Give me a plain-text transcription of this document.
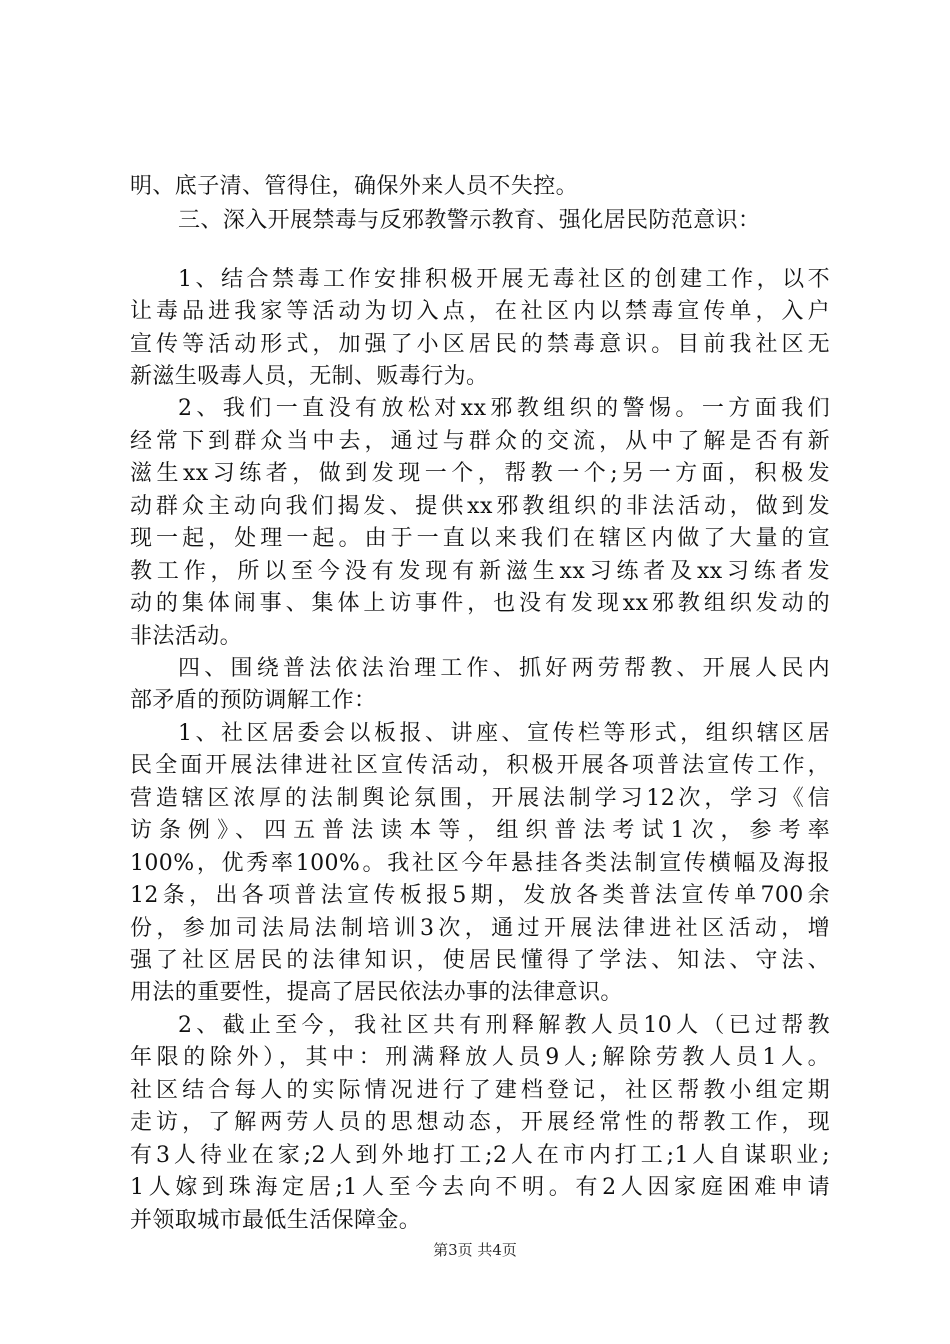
明、底子清、管得住，确保外来人员不失控。
三、深入开展禁毒与反邪教警示教育、强化居民防范意识：
1、结合禁毒工作安排积极开展无毒社区的创建工作，以不
让毒品进我家等活动为切入点，在社区内以禁毒宣传单，入户
宣传等活动形式，加强了小区居民的禁毒意识。目前我社区无
新滋生吸毒人员，无制、贩毒行为。
2、我们一直没有放松对xx邪教组织的警惕。一方面我们
经常下到群众当中去，通过与群众的交流，从中了解是否有新
滋生xx习练者，做到发现一个，帮教一个;另一方面，积极发
动群众主动向我们揭发、提供xx邪教组织的非法活动，做到发
现一起，处理一起。由于一直以来我们在辖区内做了大量的宣
教工作，所以至今没有发现有新滋生xx习练者及xx习练者发
动的集体闹事、集体上访事件，也没有发现xx邪教组织发动的
非法活动。
四、围绕普法依法治理工作、抓好两劳帮教、开展人民内
部矛盾的预防调解工作：
1、社区居委会以板报、讲座、宣传栏等形式，组织辖区居
民全面开展法律进社区宣传活动，积极开展各项普法宣传工作，
营造辖区浓厚的法制舆论氛围，开展法制学习12次，学习《信
访条例》、四五普法读本等，组织普法考试1次，参考率
100%，优秀率100%。我社区今年悬挂各类法制宣传横幅及海报
12条，出各项普法宣传板报5期，发放各类普法宣传单700余
份，参加司法局法制培训3次，通过开展法律进社区活动，增
强了社区居民的法律知识，使居民懂得了学法、知法、守法、
用法的重要性，提高了居民依法办事的法律意识。
2、截止至今，我社区共有刑释解教人员10人（已过帮教
年限的除外），其中：刑满释放人员9人;解除劳教人员1人。
社区结合每人的实际情况进行了建档登记，社区帮教小组定期
走访，了解两劳人员的思想动态，开展经常性的帮教工作，现
有3人待业在家;2人到外地打工;2人在市内打工;1人自谋职业;
1人嫁到珠海定居;1人至今去向不明。有2人因家庭困难申请
并领取城市最低生活保障金。
第3页 共4页
